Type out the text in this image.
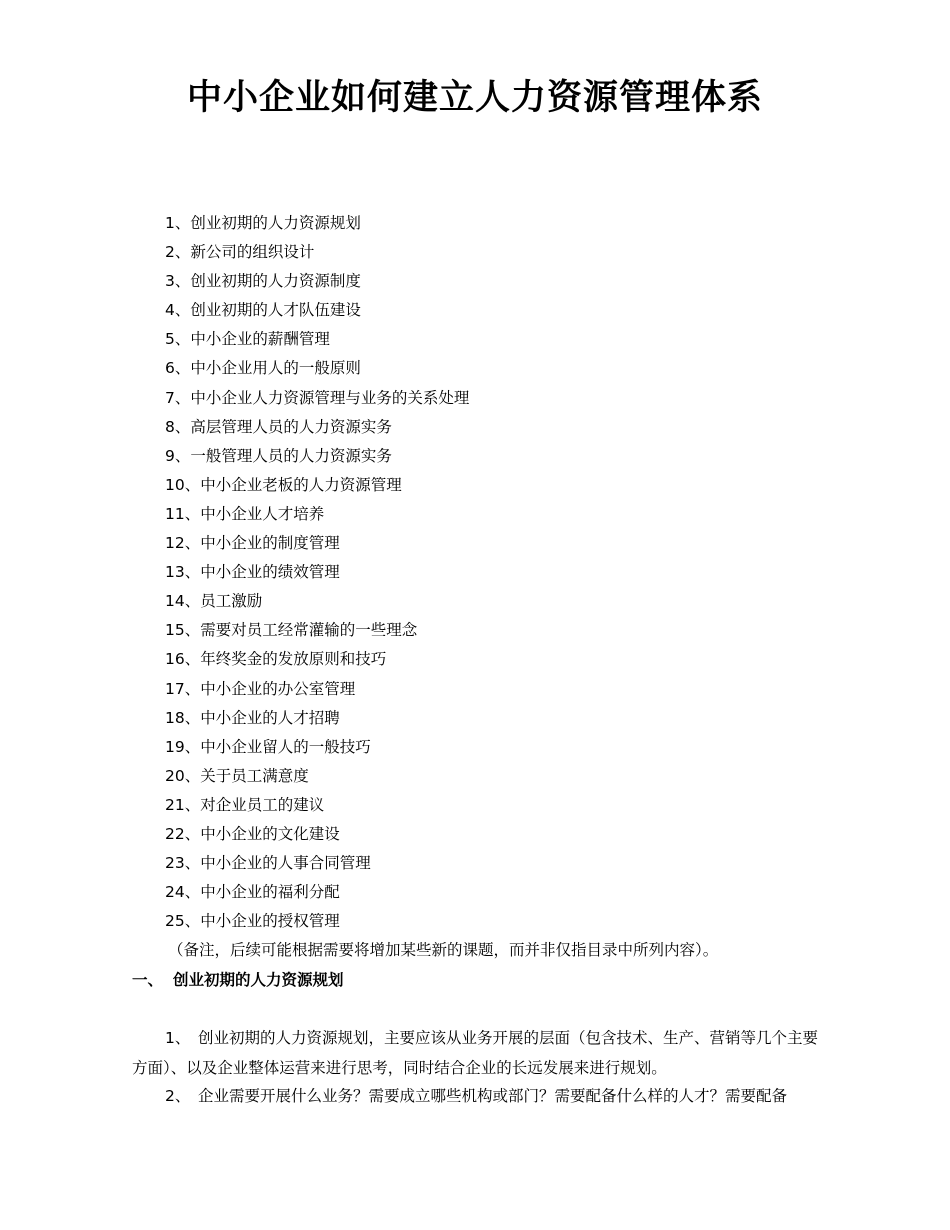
中小企业如何建立人力资源管理体系
1、创业初期的人力资源规划
2、新公司的组织设计
3、创业初期的人力资源制度
4、创业初期的人才队伍建设
5、中小企业的薪酬管理
6、中小企业用人的一般原则
7、中小企业人力资源管理与业务的关系处理
8、高层管理人员的人力资源实务
9、一般管理人员的人力资源实务
10、中小企业老板的人力资源管理
11、中小企业人才培养
12、中小企业的制度管理
13、中小企业的绩效管理
14、员工激励
15、需要对员工经常灌输的一些理念
16、年终奖金的发放原则和技巧
17、中小企业的办公室管理
18、中小企业的人才招聘
19、中小企业留人的一般技巧
20、关于员工满意度
21、对企业员工的建议
22、中小企业的文化建设
23、中小企业的人事合同管理
24、中小企业的福利分配
25、中小企业的授权管理
（备注，后续可能根据需要将增加某些新的课题，而并非仅指目录中所列内容）。
一、 创业初期的人力资源规划

1、 创业初期的人力资源规划，主要应该从业务开展的层面（包含技术、生产、营销等几个主要方面）、以及企业整体运营来进行思考，同时结合企业的长远发展来进行规划。

2、 企业需要开展什么业务？需要成立哪些机构或部门？需要配备什么样的人才？需要配备
